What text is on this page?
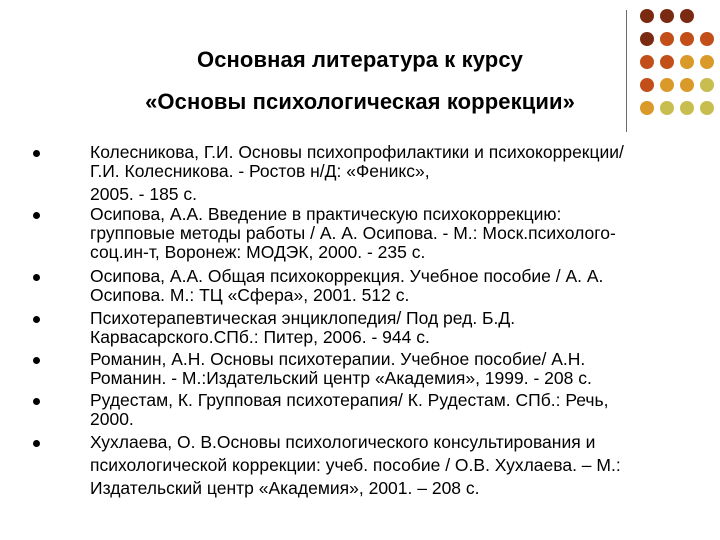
Основная литература к курсу
«Основы психологическая коррекции»
Колесникова, Г.И. Основы психопрофилактики и психокоррекции/
Г.И. Колесникова. - Ростов н/Д: «Феникс»,
2005. - 185 с.
Осипова, А.А. Введение в практическую психокоррекцию:
групповые методы работы / А. А. Осипова. - М.: Моск.психолого-
соц.ин-т, Воронеж: МОДЭК, 2000. - 235 с.
Осипова, А.А. Общая психокоррекция. Учебное пособие / А. А.
Осипова. М.: ТЦ «Сфера», 2001. 512 с.
Психотерапевтическая энциклопедия/ Под ред. Б.Д.
Карвасарского.СПб.: Питер, 2006. - 944 с.
Романин, А.Н. Основы психотерапии. Учебное пособие/ А.Н.
Романин. - М.:Издательский центр «Академия», 1999. - 208 с.
Рудестам, К. Групповая психотерапия/ К. Рудестам. СПб.: Речь,
2000.
Хухлаева, О. В.Основы психологического консультирования и
психологической коррекции: учеб. пособие / О.В. Хухлаева. – М.:
Издательский центр «Академия», 2001. – 208 с.
